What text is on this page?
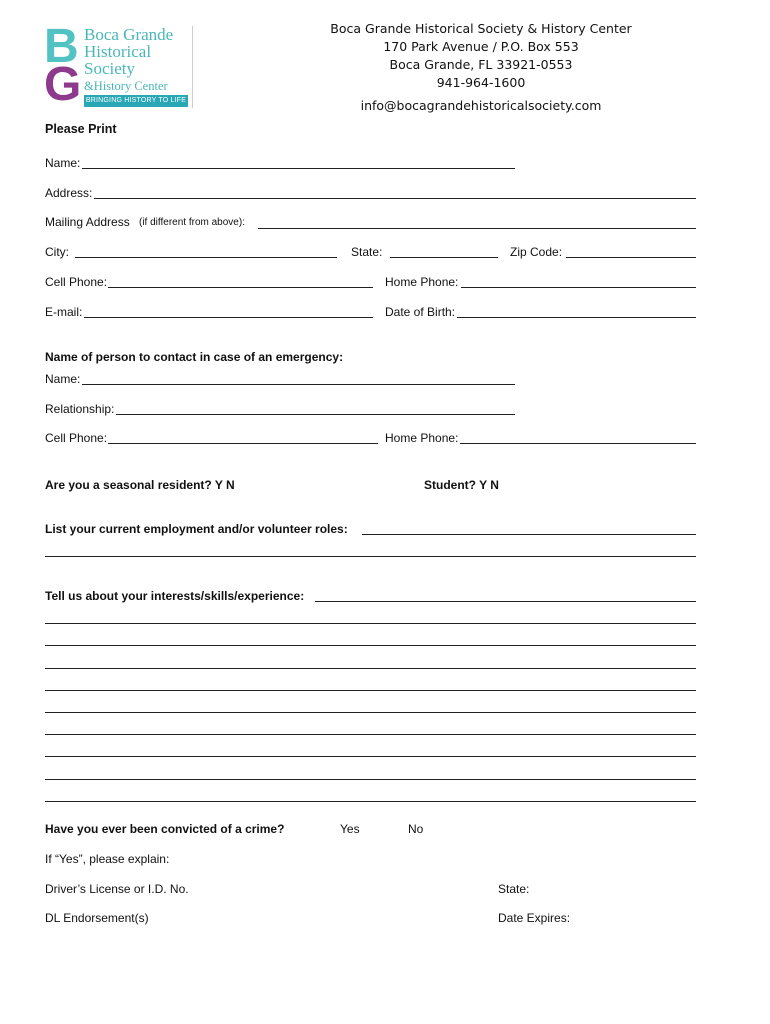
B
G
Boca Grande
Historical
Society
&History Center
BRINGING HISTORY TO LIFE
Boca Grande Historical Society & History Center
170 Park Avenue / P.O. Box 553
Boca Grande, FL 33921-0553
941-964-1600
info@bocagrandehistoricalsociety.com
Please Print
Name:
Address:
Mailing Address (if different from above):
City:	State:	Zip Code:
Cell Phone:	Home Phone:
E-mail:	Date of Birth:
Name of person to contact in case of an emergency:
Name:
Relationship:
Cell Phone:	Home Phone:
Are you a seasonal resident? Y N	Student? Y N
List your current employment and/or volunteer roles:
Tell us about your interests/skills/experience:
Have you ever been convicted of a crime?	Yes	No
If “Yes”, please explain:
Driver’s License or I.D. No.	State:
DL Endorsement(s)	Date Expires:
